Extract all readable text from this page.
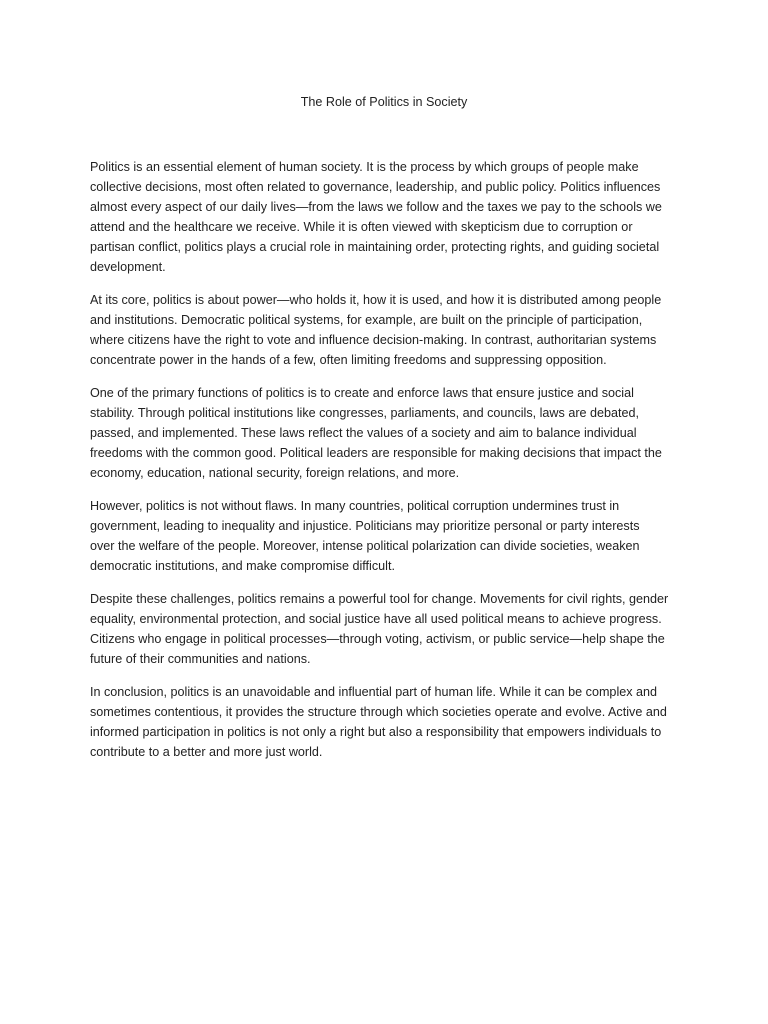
The Role of Politics in Society

Politics is an essential element of human society. It is the process by which groups of people make
collective decisions, most often related to governance, leadership, and public policy. Politics influences
almost every aspect of our daily lives—from the laws we follow and the taxes we pay to the schools we
attend and the healthcare we receive. While it is often viewed with skepticism due to corruption or
partisan conflict, politics plays a crucial role in maintaining order, protecting rights, and guiding societal
development.

At its core, politics is about power—who holds it, how it is used, and how it is distributed among people
and institutions. Democratic political systems, for example, are built on the principle of participation,
where citizens have the right to vote and influence decision-making. In contrast, authoritarian systems
concentrate power in the hands of a few, often limiting freedoms and suppressing opposition.

One of the primary functions of politics is to create and enforce laws that ensure justice and social
stability. Through political institutions like congresses, parliaments, and councils, laws are debated,
passed, and implemented. These laws reflect the values of a society and aim to balance individual
freedoms with the common good. Political leaders are responsible for making decisions that impact the
economy, education, national security, foreign relations, and more.

However, politics is not without flaws. In many countries, political corruption undermines trust in
government, leading to inequality and injustice. Politicians may prioritize personal or party interests
over the welfare of the people. Moreover, intense political polarization can divide societies, weaken
democratic institutions, and make compromise difficult.

Despite these challenges, politics remains a powerful tool for change. Movements for civil rights, gender
equality, environmental protection, and social justice have all used political means to achieve progress.
Citizens who engage in political processes—through voting, activism, or public service—help shape the
future of their communities and nations.

In conclusion, politics is an unavoidable and influential part of human life. While it can be complex and
sometimes contentious, it provides the structure through which societies operate and evolve. Active and
informed participation in politics is not only a right but also a responsibility that empowers individuals to
contribute to a better and more just world.
